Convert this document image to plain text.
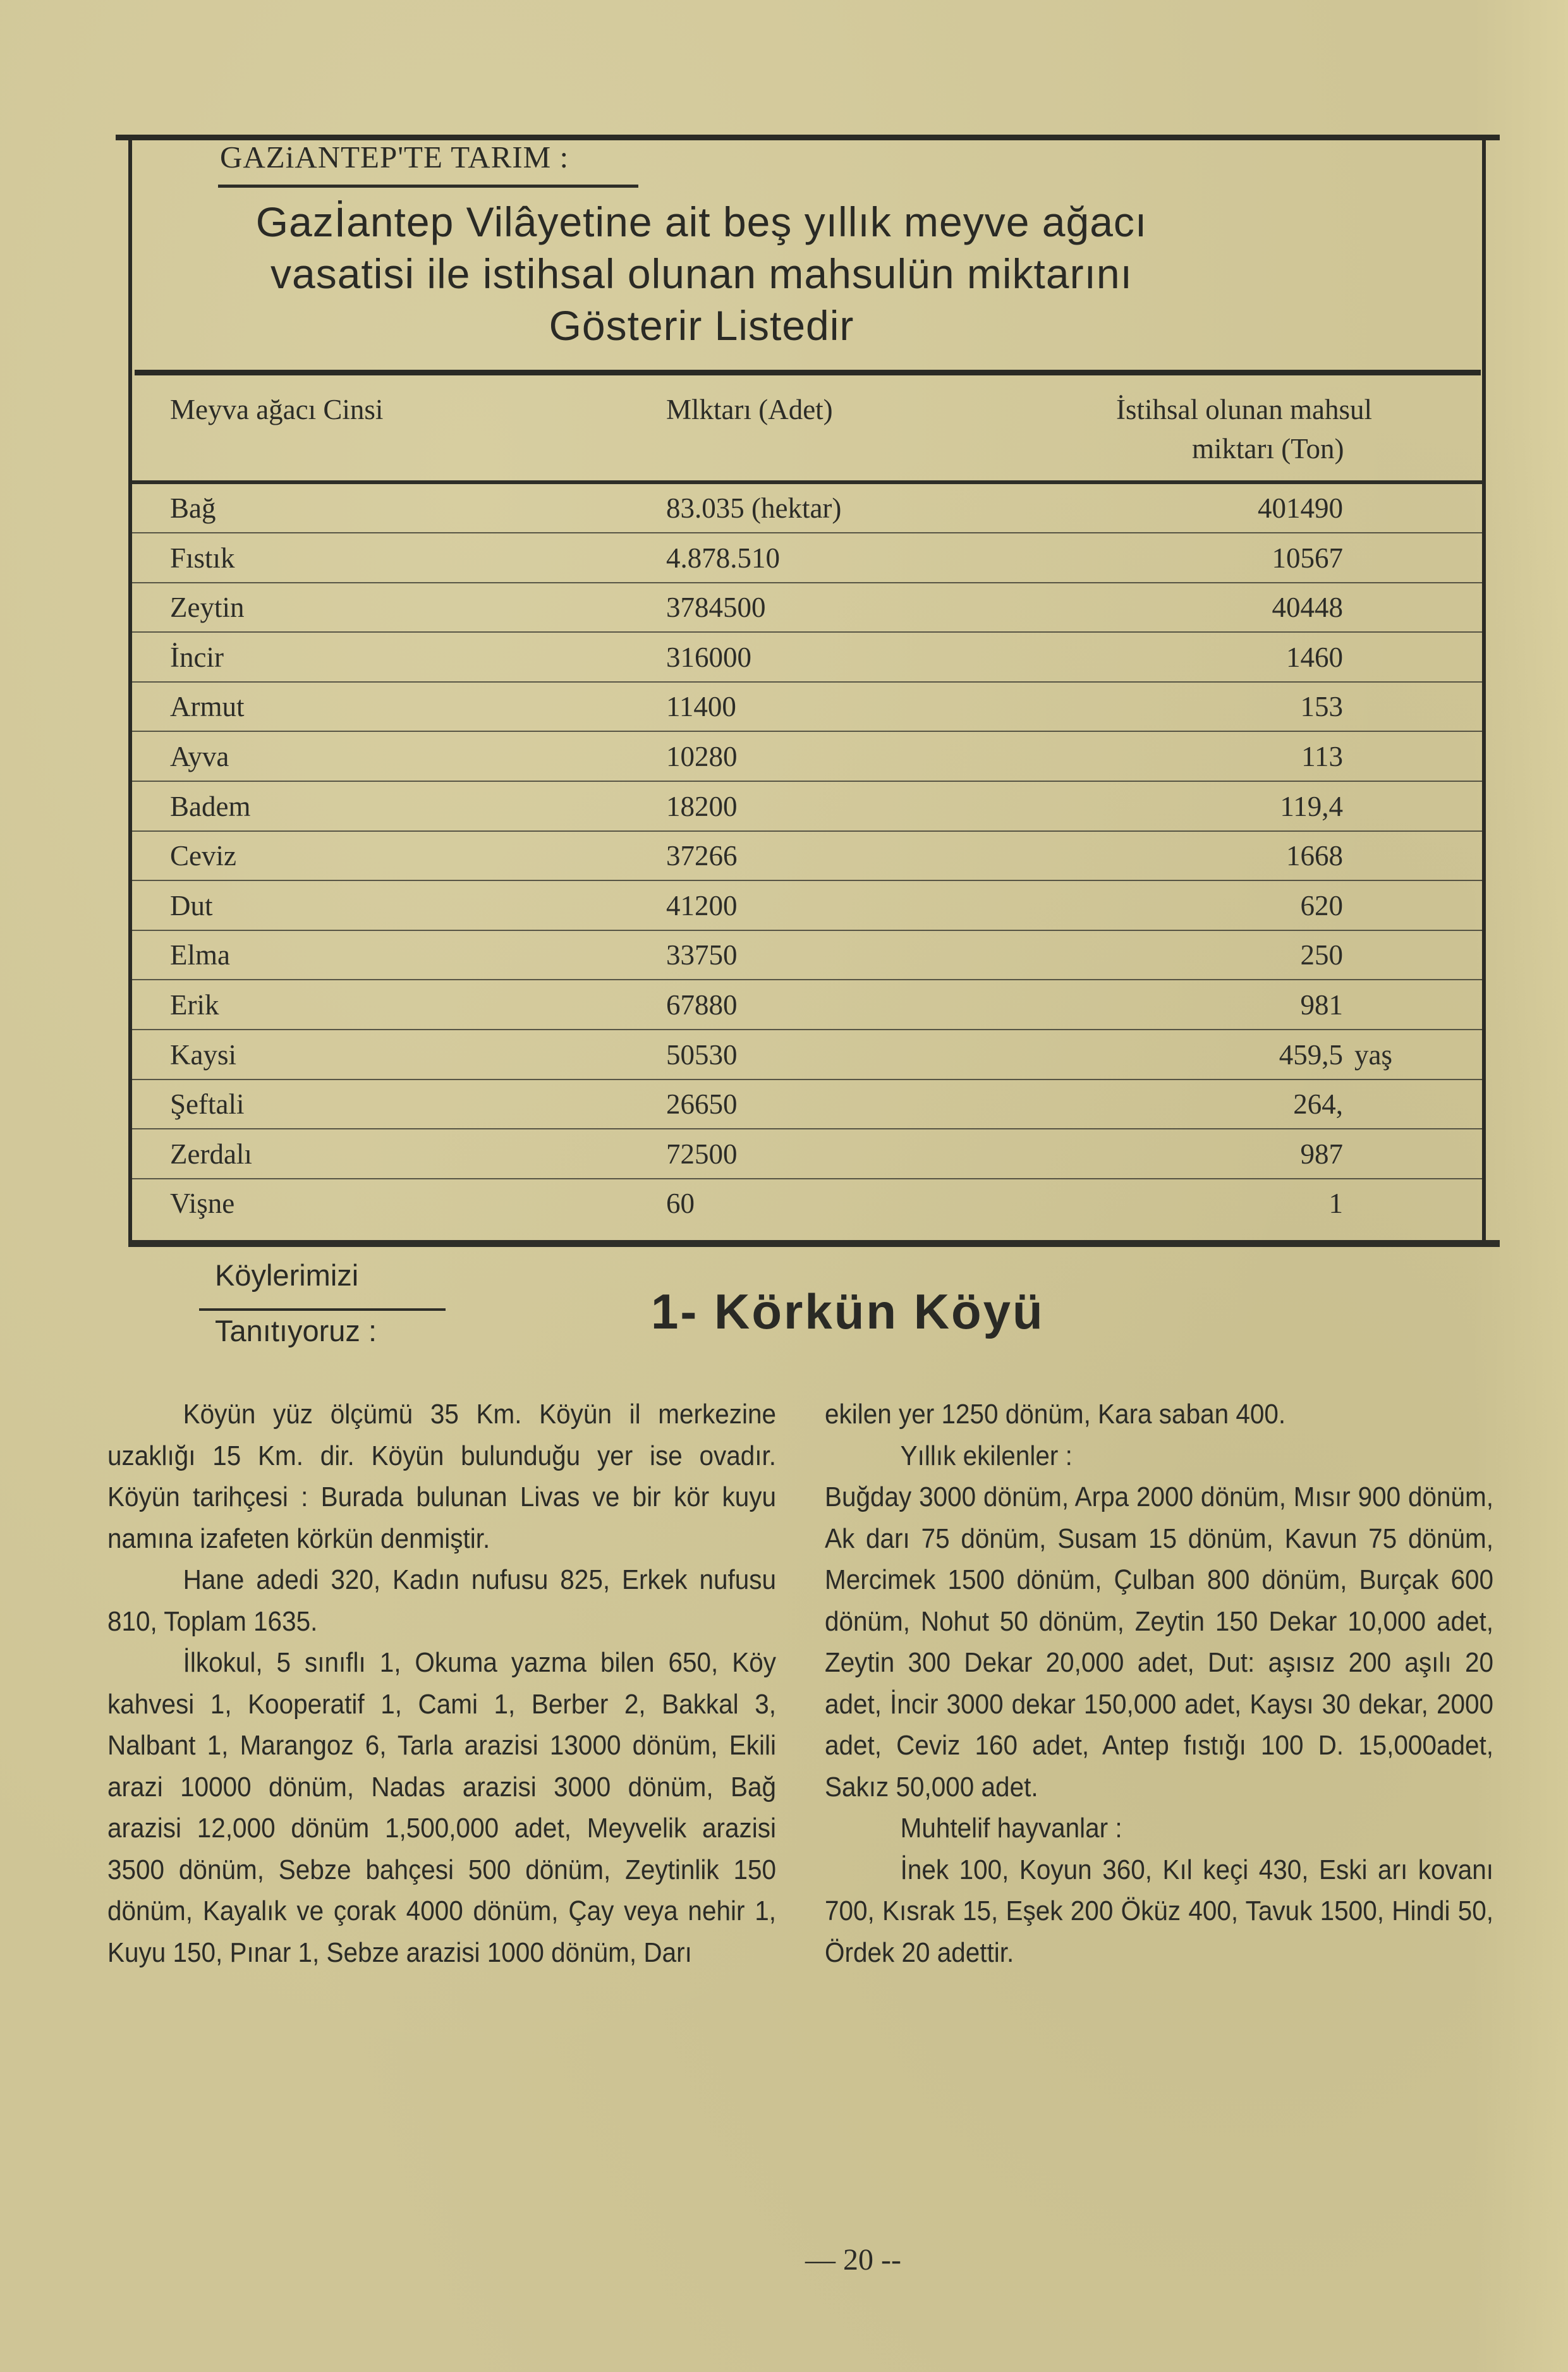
GAZiANTEP'TE TARIM :
Gazİantep Vilâyetine ait beş yıllık meyve ağacı
vasatisi ile istihsal olunan mahsulün miktarını
Gösterir Listedir
Meyva ağacı Cinsi	Mlktarı (Adet)	İstihsal olunan mahsul
miktarı (Ton)
Bağ	83.035 (hektar)	401490
Fıstık	4.878.510	10567
Zeytin	3784500	40448
İncir	316000	1460
Armut	11400	153
Ayva	10280	113
Badem	18200	119,4
Ceviz	37266	1668
Dut	41200	620
Elma	33750	250
Erik	67880	981
Kaysi	50530	459,5 yaş
Şeftali	26650	264,
Zerdalı	72500	987
Vişne	60	1
Köylerimizi
Tanıtıyoruz :	1- Körkün Köyü

Köyün yüz ölçümü 35 Km. Köyün il merkezine uzaklığı 15 Km. dir. Köyün bulunduğu yer ise ovadır. Köyün tarihçesi : Burada bulunan Livas ve bir kör kuyu namına izafeten körkün denmiştir.

Hane adedi 320, Kadın nufusu 825, Erkek nufusu 810, Toplam 1635.

İlkokul, 5 sınıflı 1, Okuma yazma bilen 650, Köy kahvesi 1, Kooperatif 1, Cami 1, Berber 2, Bakkal 3, Nalbant 1, Marangoz 6, Tarla arazisi 13000 dönüm, Ekili arazi 10000 dönüm, Nadas arazisi 3000 dönüm, Bağ arazisi 12,000 dönüm 1,500,000 adet, Meyvelik arazisi 3500 dönüm, Sebze bahçesi 500 dönüm, Zeytinlik 150 dönüm, Kayalık ve çorak 4000 dönüm, Çay veya nehir 1, Kuyu 150, Pınar 1, Sebze arazisi 1000 dönüm, Darı

ekilen yer 1250 dönüm, Kara saban 400.

Yıllık ekilenler :

Buğday 3000 dönüm, Arpa 2000 dönüm, Mısır 900 dönüm, Ak darı 75 dönüm, Susam 15 dönüm, Kavun 75 dönüm, Mercimek 1500 dönüm, Çulban 800 dönüm, Burçak 600 dönüm, Nohut 50 dönüm, Zeytin 150 Dekar 10,000 adet, Zeytin 300 Dekar 20,000 adet, Dut: aşısız 200 aşılı 20 adet, İncir 3000 dekar 150,000 adet, Kaysı 30 dekar, 2000 adet, Ceviz 160 adet, Antep fıstığı 100 D. 15,000adet, Sakız 50,000 adet.

Muhtelif hayvanlar :

İnek 100, Koyun 360, Kıl keçi 430, Eski arı kovanı 700, Kısrak 15, Eşek 200 Öküz 400, Tavuk 1500, Hindi 50, Ördek 20 adettir.

— 20 --
